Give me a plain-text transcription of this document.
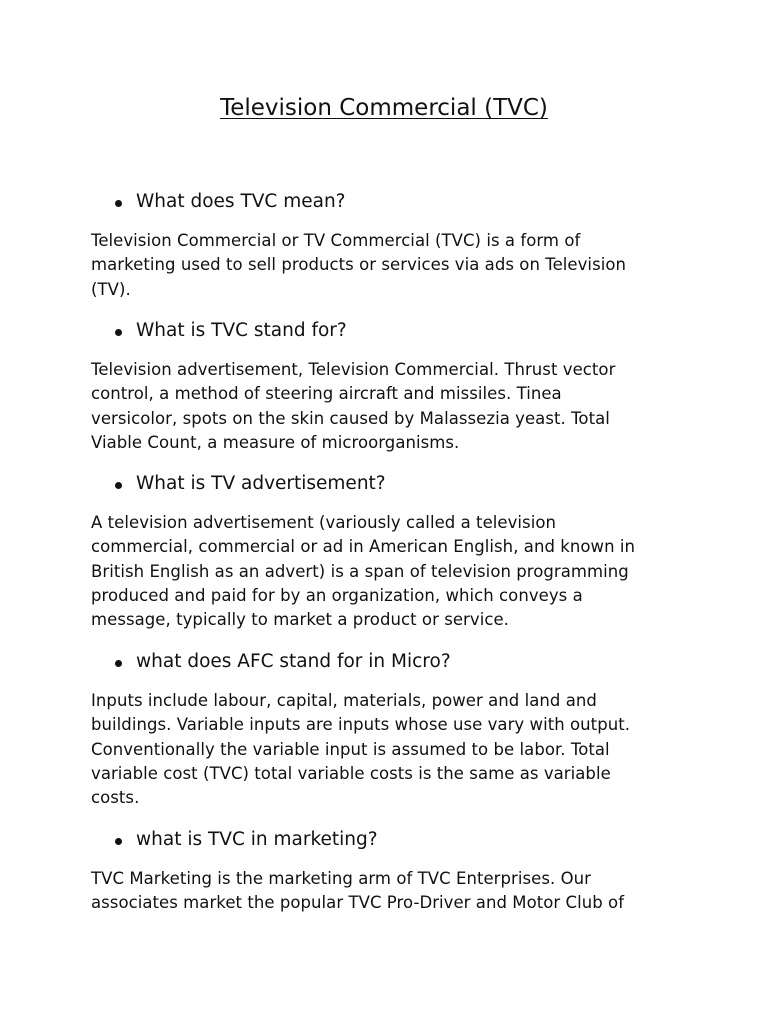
Television Commercial (TVC)
What does TVC mean?

Television Commercial or TV Commercial (TVC) is a form of
marketing used to sell products or services via ads on Television
(TV).

What is TVC stand for?

Television advertisement, Television Commercial. Thrust vector
control, a method of steering aircraft and missiles. Tinea
versicolor, spots on the skin caused by Malassezia yeast. Total
Viable Count, a measure of microorganisms.

What is TV advertisement?

A television advertisement (variously called a television
commercial, commercial or ad in American English, and known in
British English as an advert) is a span of television programming
produced and paid for by an organization, which conveys a
message, typically to market a product or service.

what does AFC stand for in Micro?

Inputs include labour, capital, materials, power and land and
buildings. Variable inputs are inputs whose use vary with output.
Conventionally the variable input is assumed to be labor. Total
variable cost (TVC) total variable costs is the same as variable
costs.

what is TVC in marketing?

TVC Marketing is the marketing arm of TVC Enterprises. Our
associates market the popular TVC Pro-Driver and Motor Club of
